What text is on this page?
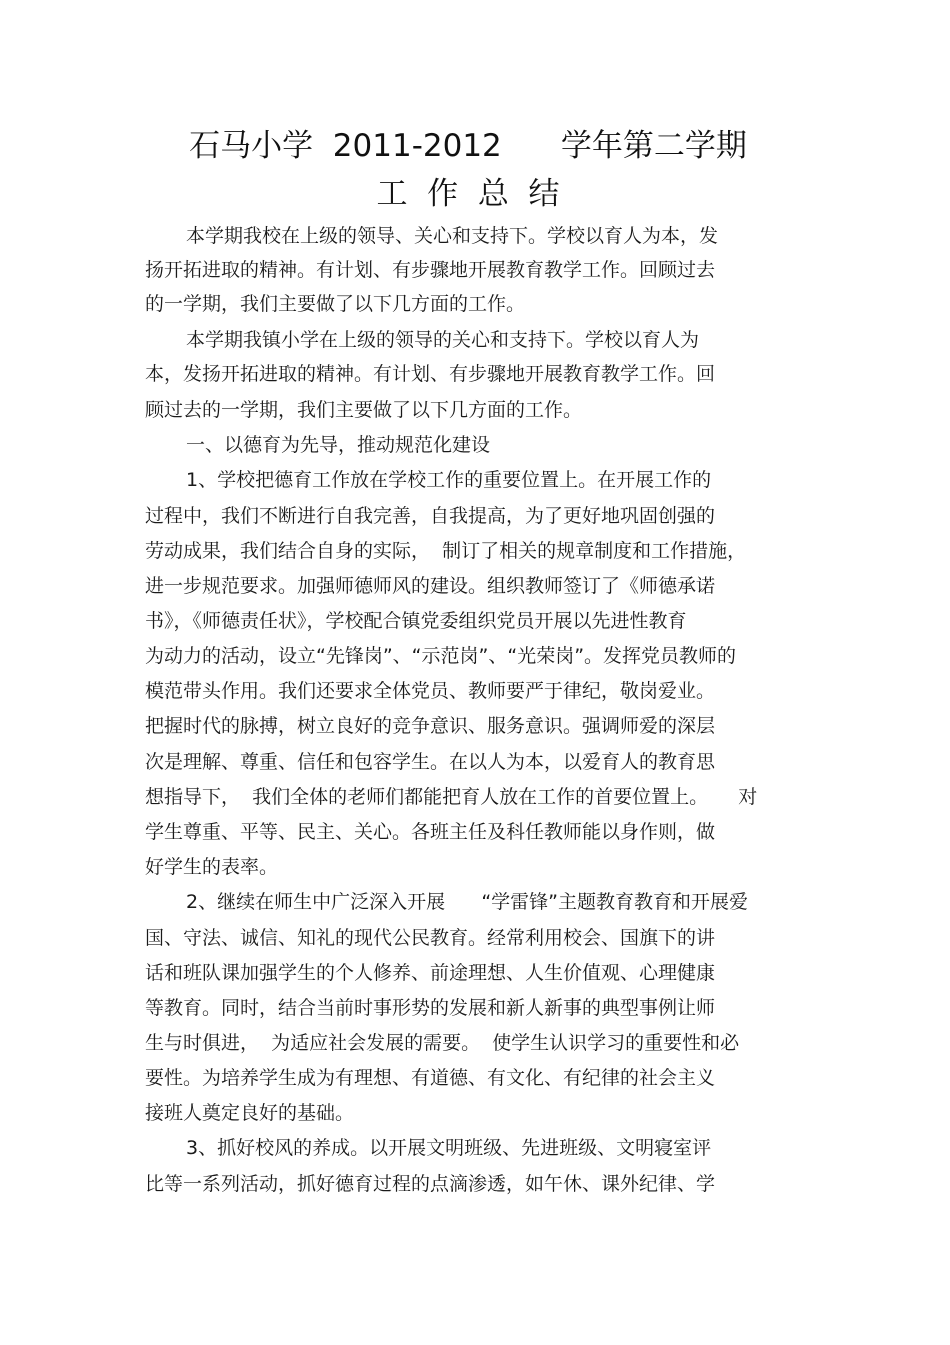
石马小学  2011-2012      学年第二学期
工  作  总  结
本学期我校在上级的领导、关心和支持下。学校以育人为本，发
扬开拓进取的精神。有计划、有步骤地开展教育教学工作。回顾过去
的一学期，我们主要做了以下几方面的工作。
本学期我镇小学在上级的领导的关心和支持下。学校以育人为
本，发扬开拓进取的精神。有计划、有步骤地开展教育教学工作。回
顾过去的一学期，我们主要做了以下几方面的工作。
一、以德育为先导，推动规范化建设
1、学校把德育工作放在学校工作的重要位置上。在开展工作的
过程中，我们不断进行自我完善，自我提高，为了更好地巩固创强的
劳动成果，我们结合自身的实际，  制订了相关的规章制度和工作措施，
进一步规范要求。加强师德师风的建设。组织教师签订了《师德承诺
书》，《师德责任状》，学校配合镇党委组织党员开展以先进性教育
为动力的活动，设立“先锋岗”、“示范岗”、“光荣岗”。发挥党员教师的
模范带头作用。我们还要求全体党员、教师要严于律纪，敬岗爱业。
把握时代的脉搏，树立良好的竞争意识、服务意识。强调师爱的深层
次是理解、尊重、信任和包容学生。在以人为本，以爱育人的教育思
想指导下，  我们全体的老师们都能把育人放在工作的首要位置上。     对
学生尊重、平等、民主、关心。各班主任及科任教师能以身作则，做
好学生的表率。
2、继续在师生中广泛深入开展      “学雷锋”主题教育教育和开展爱
国、守法、诚信、知礼的现代公民教育。经常利用校会、国旗下的讲
话和班队课加强学生的个人修养、前途理想、人生价值观、心理健康
等教育。同时，结合当前时事形势的发展和新人新事的典型事例让师
生与时俱进，  为适应社会发展的需要。  使学生认识学习的重要性和必
要性。为培养学生成为有理想、有道德、有文化、有纪律的社会主义
接班人奠定良好的基础。
3、抓好校风的养成。以开展文明班级、先进班级、文明寝室评
比等一系列活动，抓好德育过程的点滴渗透，如午休、课外纪律、学
